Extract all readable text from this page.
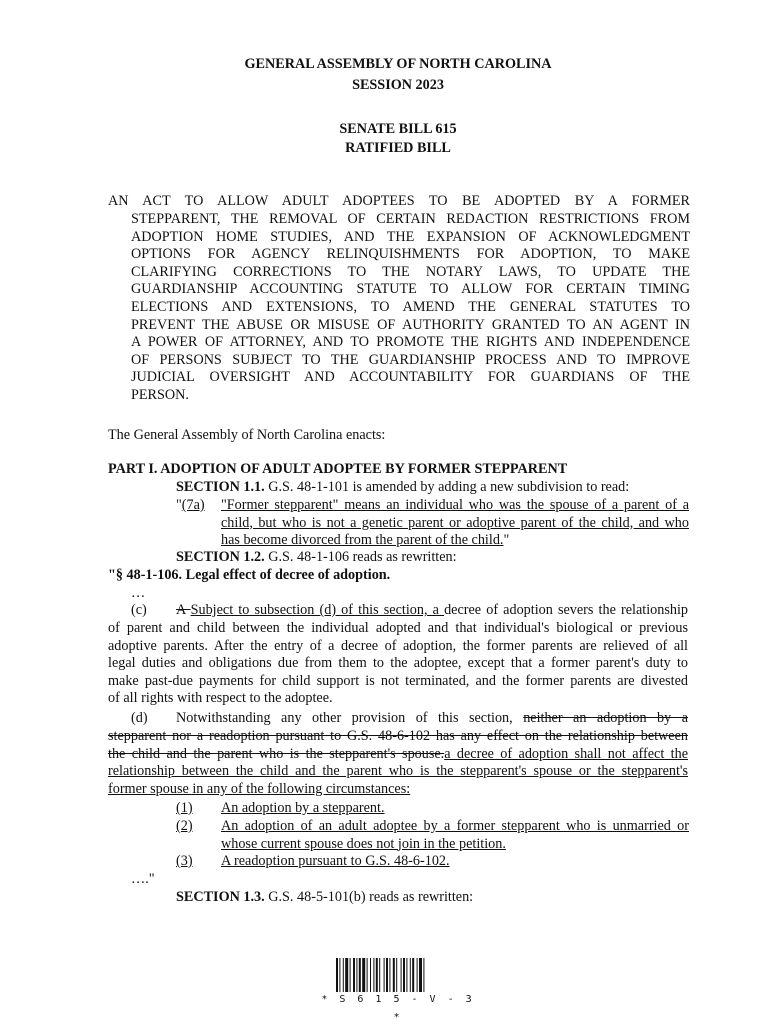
GENERAL ASSEMBLY OF NORTH CAROLINA
SESSION 2023
SENATE BILL 615
RATIFIED BILL
AN ACT TO ALLOW ADULT ADOPTEES TO BE ADOPTED BY A FORMER
STEPPARENT, THE REMOVAL OF CERTAIN REDACTION RESTRICTIONS FROM
ADOPTION HOME STUDIES, AND THE EXPANSION OF ACKNOWLEDGMENT
OPTIONS FOR AGENCY RELINQUISHMENTS FOR ADOPTION, TO MAKE
CLARIFYING CORRECTIONS TO THE NOTARY LAWS, TO UPDATE THE
GUARDIANSHIP ACCOUNTING STATUTE TO ALLOW FOR CERTAIN TIMING
ELECTIONS AND EXTENSIONS, TO AMEND THE GENERAL STATUTES TO
PREVENT THE ABUSE OR MISUSE OF AUTHORITY GRANTED TO AN AGENT IN
A POWER OF ATTORNEY, AND TO PROMOTE THE RIGHTS AND INDEPENDENCE
OF PERSONS SUBJECT TO THE GUARDIANSHIP PROCESS AND TO IMPROVE
JUDICIAL OVERSIGHT AND ACCOUNTABILITY FOR GUARDIANS OF THE
PERSON.
The General Assembly of North Carolina enacts:
PART I. ADOPTION OF ADULT ADOPTEE BY FORMER STEPPARENT
SECTION 1.1. G.S. 48-1-101 is amended by adding a new subdivision to read:
"(7a) "Former stepparent" means an individual who was the spouse of a parent of a
child, but who is not a genetic parent or adoptive parent of the child, and who
has become divorced from the parent of the child."
SECTION 1.2. G.S. 48-1-106 reads as rewritten:
"§ 48-1-106. Legal effect of decree of adoption.
…
(c) A Subject to subsection (d) of this section, a decree of adoption severs the relationship
of parent and child between the individual adopted and that individual's biological or previous
adoptive parents. After the entry of a decree of adoption, the former parents are relieved of all
legal duties and obligations due from them to the adoptee, except that a former parent's duty to
make past-due payments for child support is not terminated, and the former parents are divested
of all rights with respect to the adoptee.
(d) Notwithstanding any other provision of this section, neither an adoption by a
stepparent nor a readoption pursuant to G.S. 48-6-102 has any effect on the relationship between
the child and the parent who is the stepparent's spouse.a decree of adoption shall not affect the
relationship between the child and the parent who is the stepparent's spouse or the stepparent's
former spouse in any of the following circumstances:
(1) An adoption by a stepparent.
(2) An adoption of an adult adoptee by a former stepparent who is unmarried or
whose current spouse does not join in the petition.
(3) A readoption pursuant to G.S. 48-6-102.
…."
SECTION 1.3. G.S. 48-5-101(b) reads as rewritten:
* S 6 1 5 - V - 3 *
